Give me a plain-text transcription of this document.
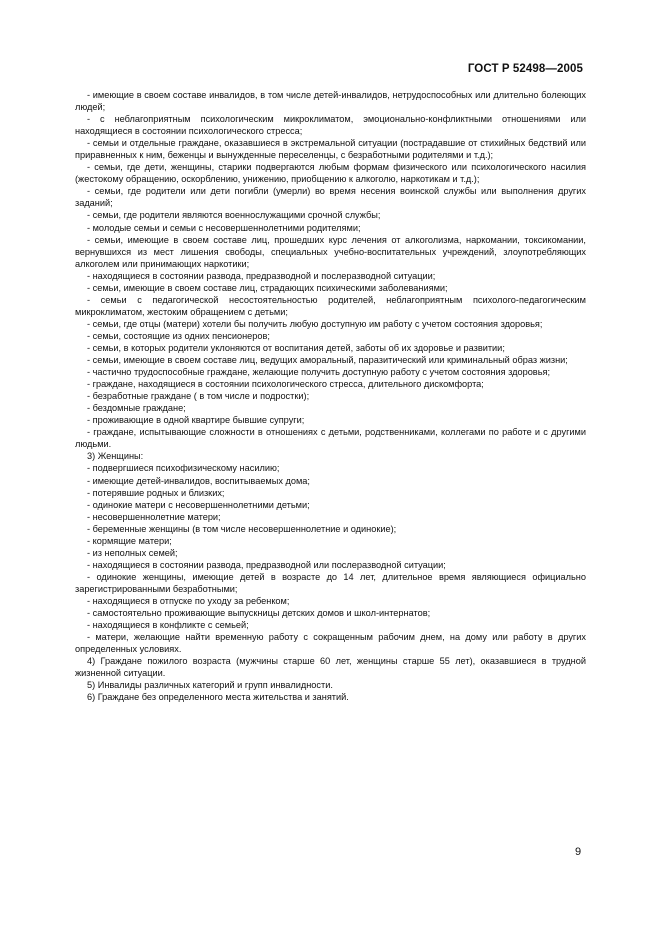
ГОСТ Р 52498—2005

- имеющие в своем составе инвалидов, в том числе детей-инвалидов, нетрудоспособных или длительно болеющих людей;

- с неблагоприятным психологическим микроклиматом, эмоционально-конфликтными отношениями или находящиеся в состоянии психологического стресса;

- семьи и отдельные граждане, оказавшиеся в экстремальной ситуации (пострадавшие от стихийных бедствий или приравненных к ним, беженцы и вынужденные переселенцы, с безработными родителями и т.д.);

- семьи, где дети, женщины, старики подвергаются любым формам физического или психологического насилия (жестокому обращению, оскорблению, унижению, приобщению к алкоголю, наркотикам и т.д.);

- семьи, где родители или дети погибли (умерли) во время несения воинской службы или выполнения других заданий;

- семьи, где родители являются военнослужащими срочной службы;

- молодые семьи и семьи с несовершеннолетними родителями;

- семьи, имеющие в своем составе лиц, прошедших курс лечения от алкоголизма, наркомании, токсикомании, вернувшихся из мест лишения свободы, специальных учебно-воспитательных учреждений, злоупотребляющих алкоголем или принимающих наркотики;

- находящиеся в состоянии развода, предразводной и послеразводной ситуации;

- семьи, имеющие в своем составе лиц, страдающих психическими заболеваниями;

- семьи с педагогической несостоятельностью родителей, неблагоприятным психолого-педагогическим микроклиматом, жестоким обращением с детьми;

- семьи, где отцы (матери) хотели бы получить любую доступную им работу с учетом состояния здоровья;

- семьи, состоящие из одних пенсионеров;

- семьи, в которых родители уклоняются от воспитания детей, заботы об их здоровье и развитии;

- семьи, имеющие в своем составе лиц, ведущих аморальный, паразитический или криминальный образ жизни;

- частично трудоспособные граждане, желающие получить доступную работу с учетом состояния здоровья;

- граждане, находящиеся в состоянии психологического стресса, длительного дискомфорта;

- безработные граждане ( в том числе и подростки);

- бездомные граждане;

- проживающие в одной квартире бывшие супруги;

- граждане, испытывающие сложности в отношениях с детьми, родственниками, коллегами по работе и с другими людьми.

3) Женщины:

- подвергшиеся психофизическому насилию;

- имеющие детей-инвалидов, воспитываемых дома;

- потерявшие родных и близких;

- одинокие матери с несовершеннолетними детьми;

- несовершеннолетние матери;

- беременные женщины (в том числе несовершеннолетние и одинокие);

- кормящие матери;

- из неполных семей;

- находящиеся в состоянии развода, предразводной или послеразводной ситуации;

- одинокие женщины, имеющие детей в возрасте до 14 лет, длительное время являющиеся официально зарегистрированными безработными;

- находящиеся в отпуске по уходу за ребенком;

- самостоятельно проживающие выпускницы детских домов и школ-интернатов;

- находящиеся в конфликте с семьей;

- матери, желающие найти временную работу с сокращенным рабочим днем, на дому или работу в других определенных условиях.

4) Граждане пожилого возраста (мужчины старше 60 лет, женщины старше 55 лет), оказавшиеся в трудной жизненной ситуации.

5) Инвалиды различных категорий и групп инвалидности.

6) Граждане без определенного места жительства и занятий.

9
